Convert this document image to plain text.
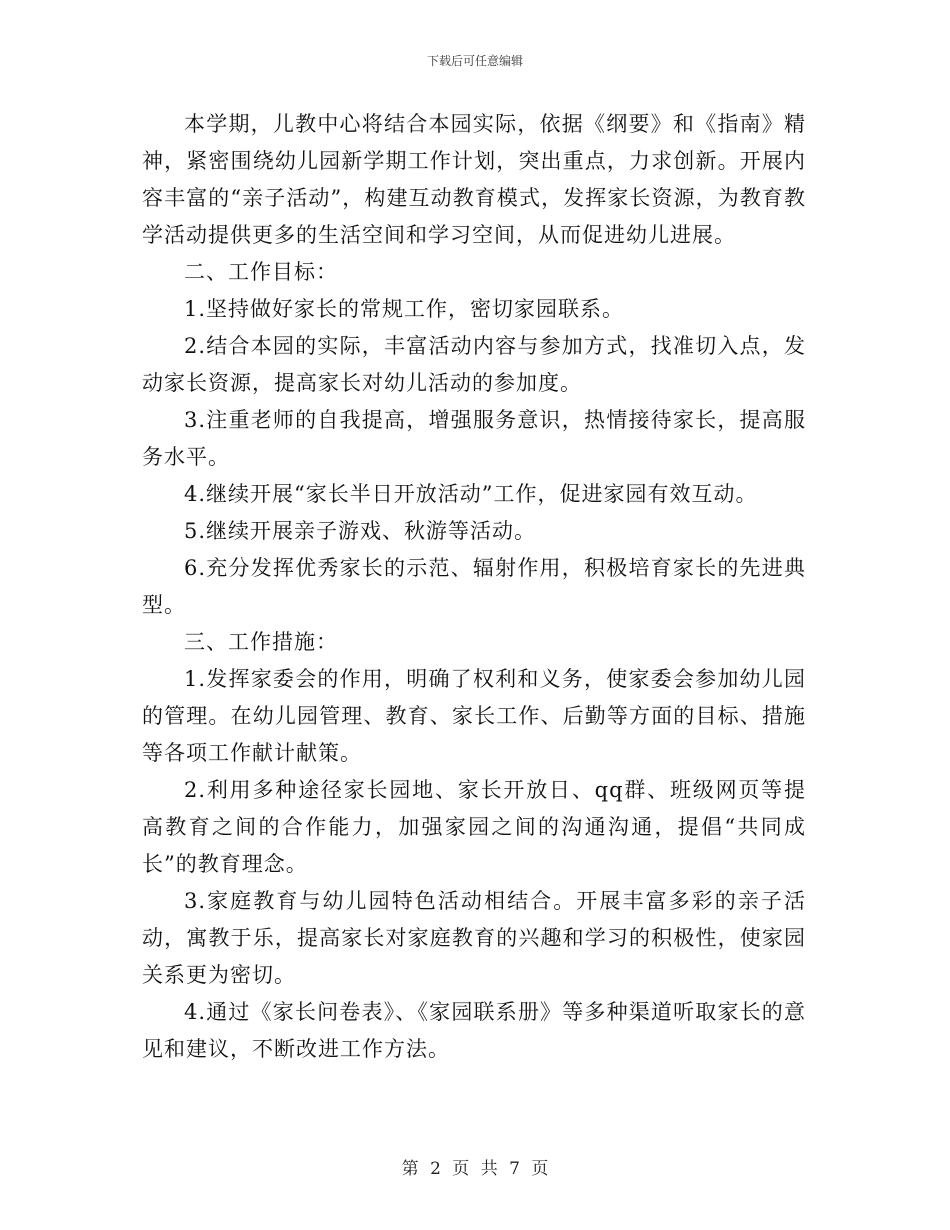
下载后可任意编辑

本学期，儿教中心将结合本园实际，依据《纲要》和《指南》精神，紧密围绕幼儿园新学期工作计划，突出重点，力求创新。开展内容丰富的“亲子活动”，构建互动教育模式，发挥家长资源，为教育教学活动提供更多的生活空间和学习空间，从而促进幼儿进展。

二、工作目标：

1.坚持做好家长的常规工作，密切家园联系。

2.结合本园的实际，丰富活动内容与参加方式，找准切入点，发动家长资源，提高家长对幼儿活动的参加度。

3.注重老师的自我提高，增强服务意识，热情接待家长，提高服务水平。

4.继续开展“家长半日开放活动”工作，促进家园有效互动。

5.继续开展亲子游戏、秋游等活动。

6.充分发挥优秀家长的示范、辐射作用，积极培育家长的先进典型。

三、工作措施：

1.发挥家委会的作用，明确了权利和义务，使家委会参加幼儿园的管理。在幼儿园管理、教育、家长工作、后勤等方面的目标、措施等各项工作献计献策。

2.利用多种途径家长园地、家长开放日、qq群、班级网页等提高教育之间的合作能力，加强家园之间的沟通沟通，提倡“共同成长”的教育理念。

3.家庭教育与幼儿园特色活动相结合。开展丰富多彩的亲子活动，寓教于乐，提高家长对家庭教育的兴趣和学习的积极性，使家园关系更为密切。

4.通过《家长问卷表》、《家园联系册》等多种渠道听取家长的意见和建议，不断改进工作方法。

第 2 页 共 7 页
